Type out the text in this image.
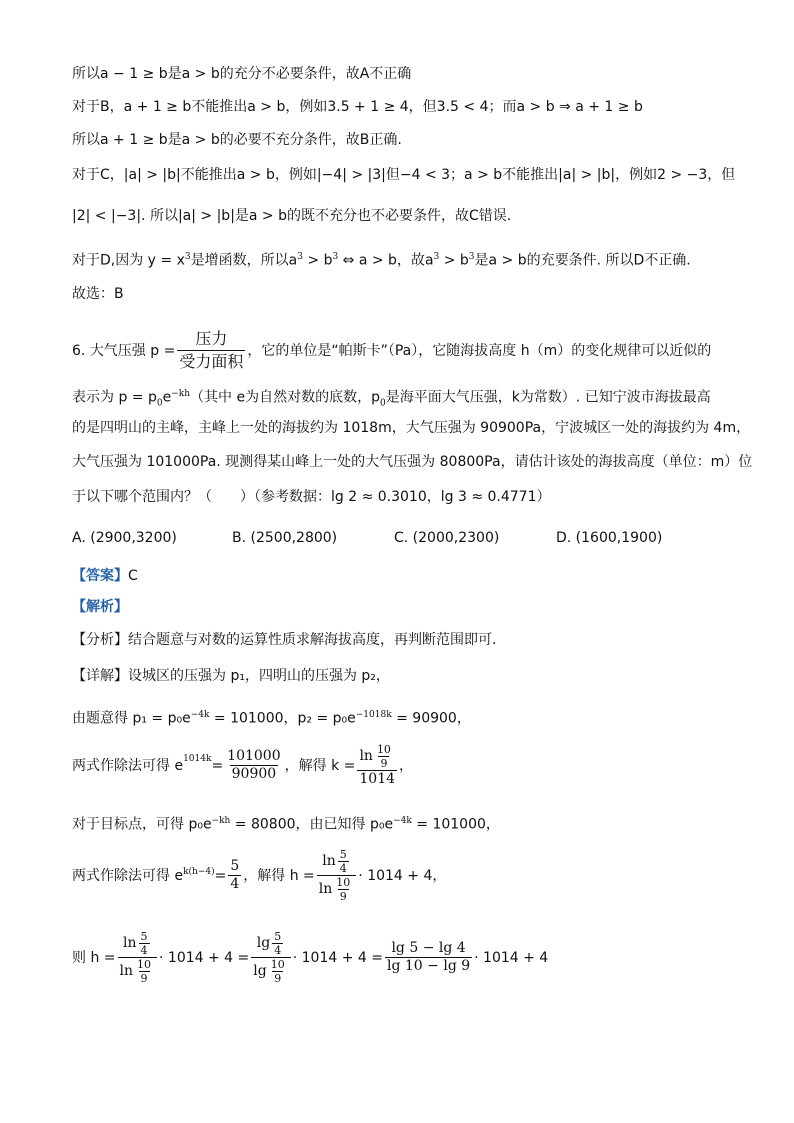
所以a − 1 ≥ b是a > b的充分不必要条件，故A不正确
对于B，a + 1 ≥ b不能推出a > b，例如3.5 + 1 ≥ 4，但3.5 < 4；而a > b ⇒ a + 1 ≥ b
所以a + 1 ≥ b是a > b的必要不充分条件，故B正确.
对于C，|a| > |b|不能推出a > b，例如|−4| > |3|但−4 < 3；a > b不能推出|a| > |b|，例如2 > −3，但
|2| < |−3|. 所以|a| > |b|是a > b的既不充分也不必要条件，故C错误.
对于D,因为 $y = x^3$是增函数，所以$a^3 > b^3$ ⇔ a > b，故$a^3 > b^3$是a > b的充要条件. 所以D不正确.
故选：B
6. 大气压强 $p = \frac{\text{压力}}{\text{受力面积}}$ ，它的单位是“帕斯卡”（Pa），它随海拔高度 h（m）的变化规律可以近似的
表示为 $p = p_0e^{-kh}$（其中 e为自然对数的底数，$p_0$是海平面大气压强，k为常数）. 已知宁波市海拔最高
的是四明山的主峰，主峰上一处的海拔约为 1018m，大气压强为 90900Pa，宁波城区一处的海拔约为 4m，
大气压强为 101000Pa. 现测得某山峰上一处的大气压强为 80800Pa，请估计该处的海拔高度（单位：m）位
于以下哪个范围内？（　　）（参考数据：lg 2 ≈ 0.3010，lg 3 ≈ 0.4771）
A. (2900,3200)	B. (2500,2800)	C. (2000,2300)	D. (1600,1900)
【答案】C
【解析】
【分析】结合题意与对数的运算性质求解海拔高度，再判断范围即可.
【详解】设城区的压强为 p₁，四明山的压强为 p₂，
由题意得 $p_1 = p_0e^{-4k} = 101000$，$p_2 = p_0e^{-1018k} = 90900$，
两式作除法可得 $e^{1014k} = \frac{101000}{90900}$ ，解得 $k = \frac{\ln \frac{10}{9}}{1014}$ ，
对于目标点，可得 $p_0e^{-kh} = 80800$，由已知得 $p_0e^{-4k} = 101000$，
两式作除法可得 $e^{k(h-4)} = \frac{5}{4}$ ，解得 $h = \frac{\ln \frac{5}{4}}{\ln \frac{10}{9}} \cdot 1014 + 4$，
则 $h = \frac{\ln \frac{5}{4}}{\ln \frac{10}{9}} \cdot 1014 + 4$
= $\frac{\lg \frac{5}{4}}{\lg \frac{10}{9}} \cdot 1014 + 4$
= $\frac{\lg 5 - \lg 4}{\lg 10 - \lg 9} \cdot 1014 + 4$
